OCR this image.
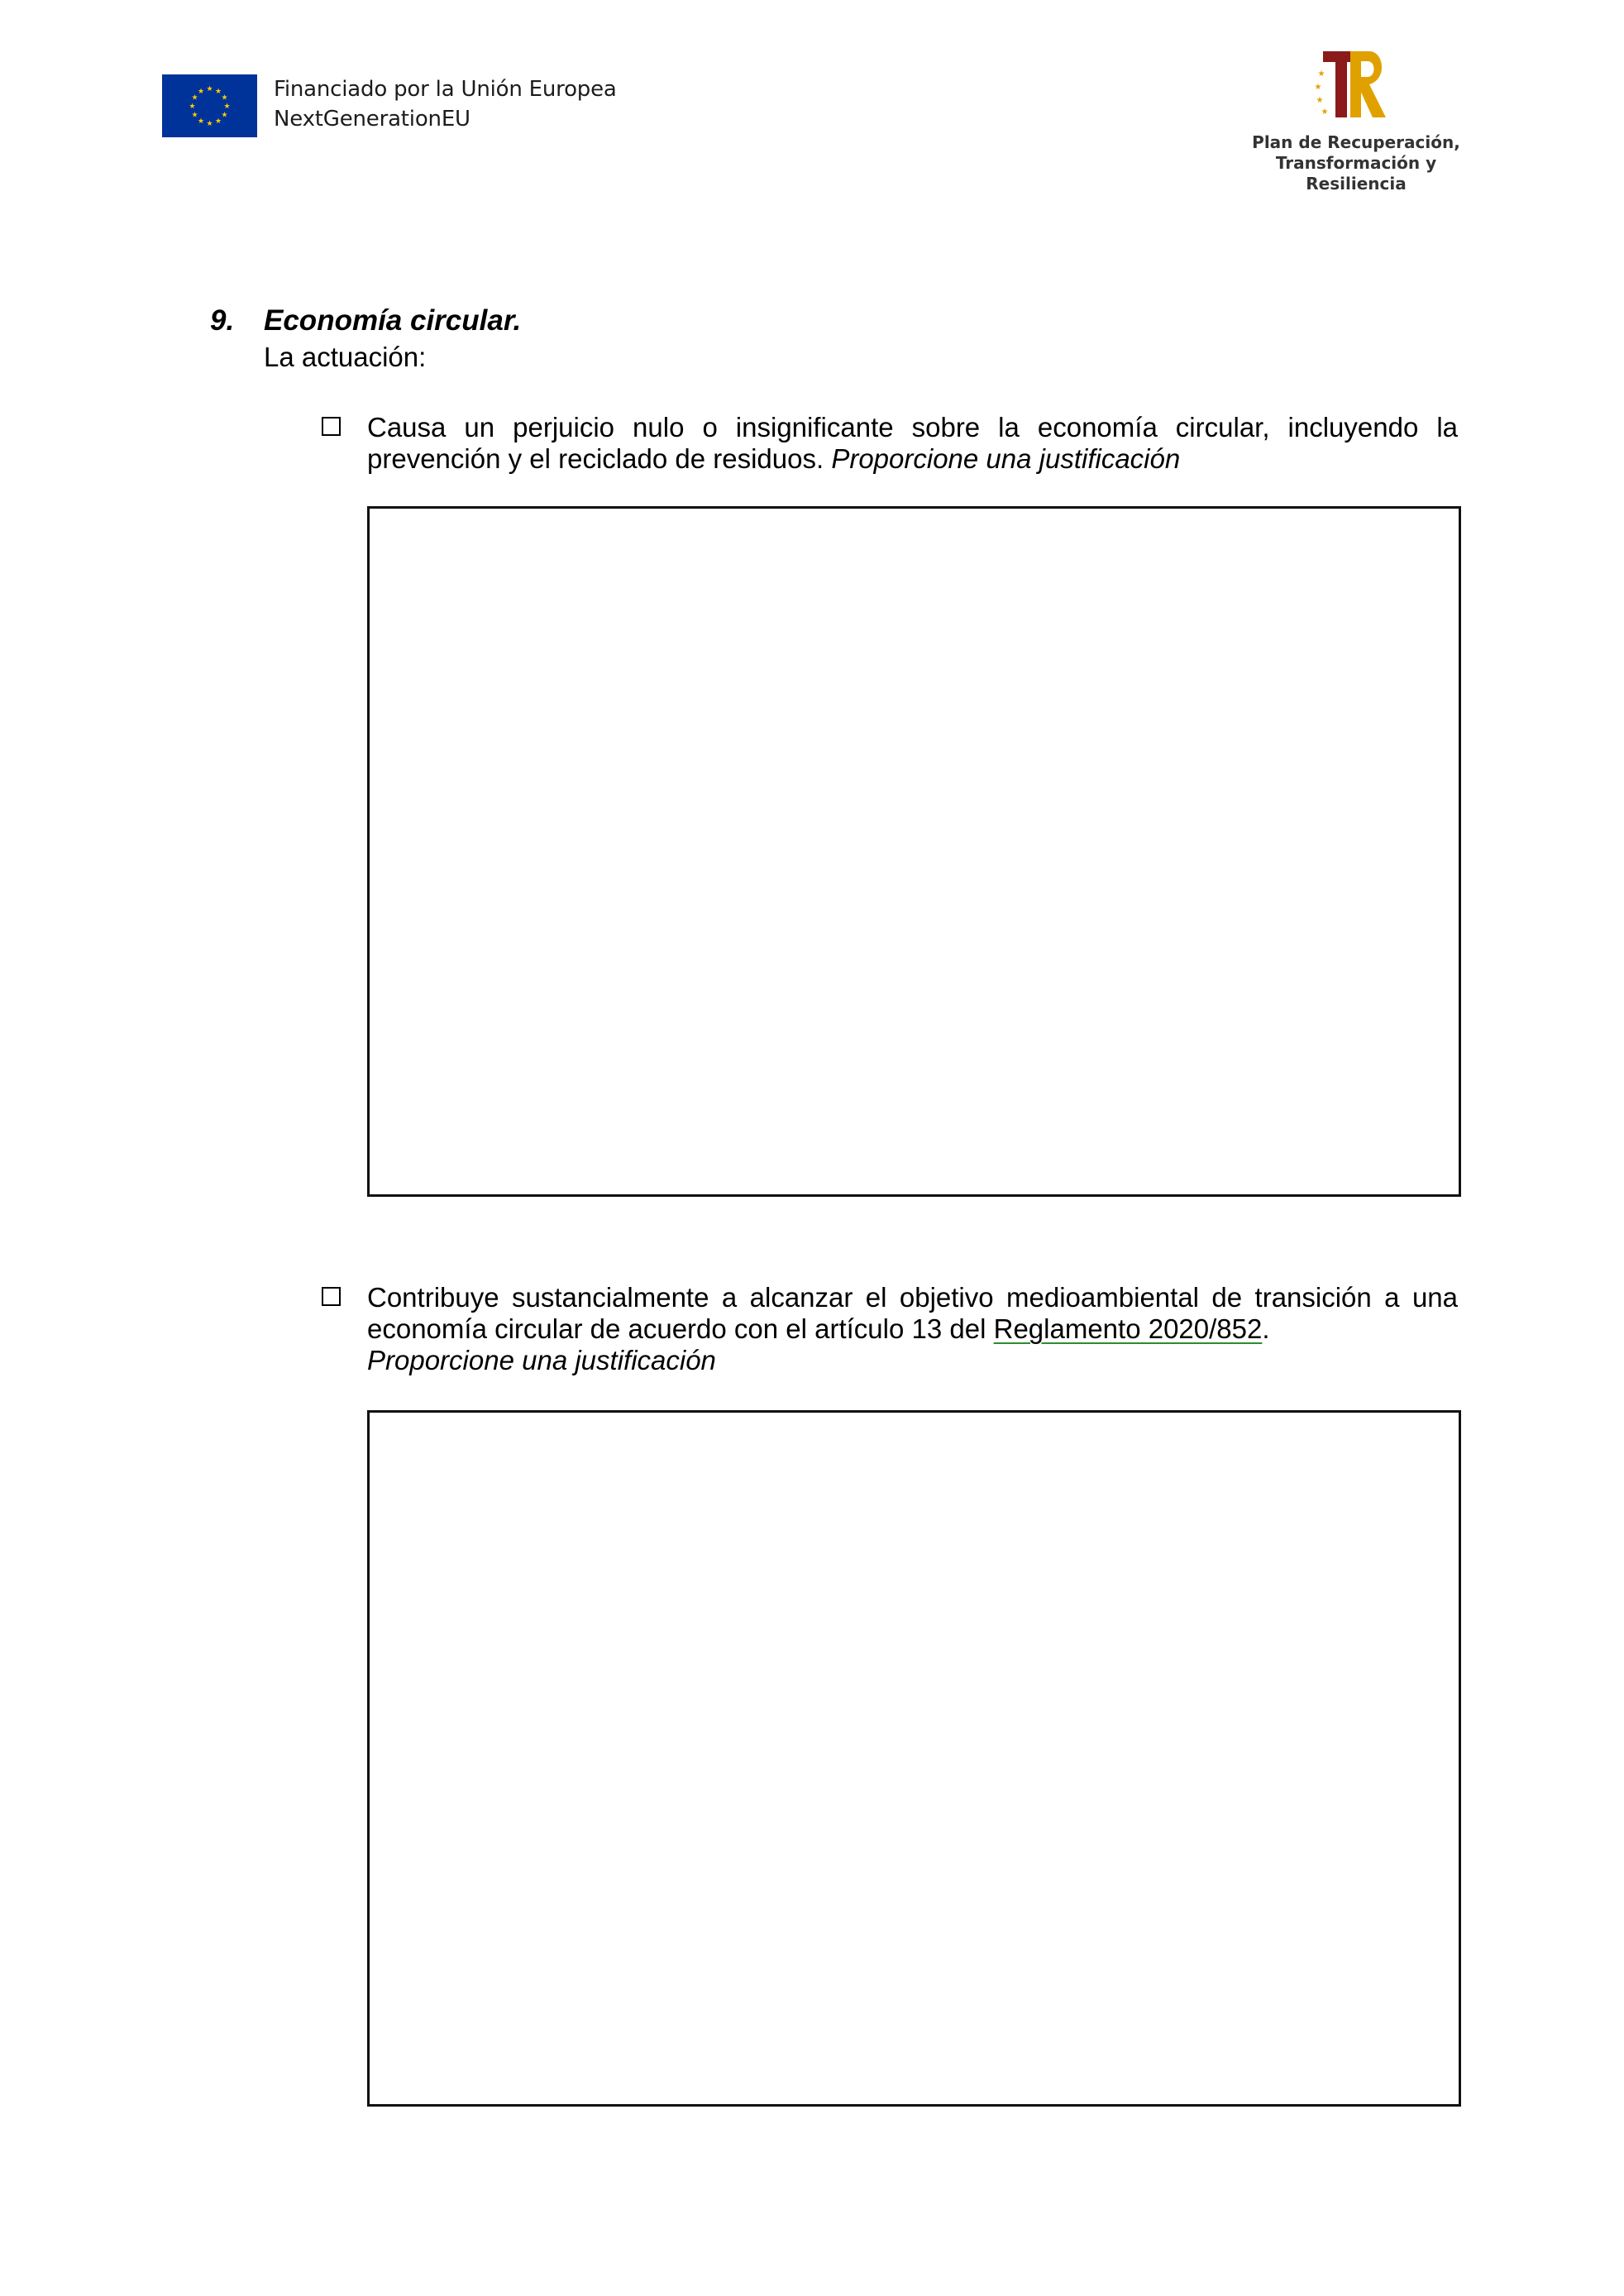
★ ★
★
★
★
★
★
★
★
★
★
★	Financiado por la Unión Europea
NextGenerationEU
★
★
★
★
Plan de Recuperación,
Transformación y
Resiliencia
9. Economía circular.
La actuación:
Causa un perjuicio nulo o insignificante sobre la economía circular, incluyendo la prevención y el reciclado de residuos. Proporcione una justificación
Contribuye sustancialmente a alcanzar el objetivo medioambiental de transición a una economía circular de acuerdo con el artículo 13 del Reglamento 2020/852.
Proporcione una justificación
